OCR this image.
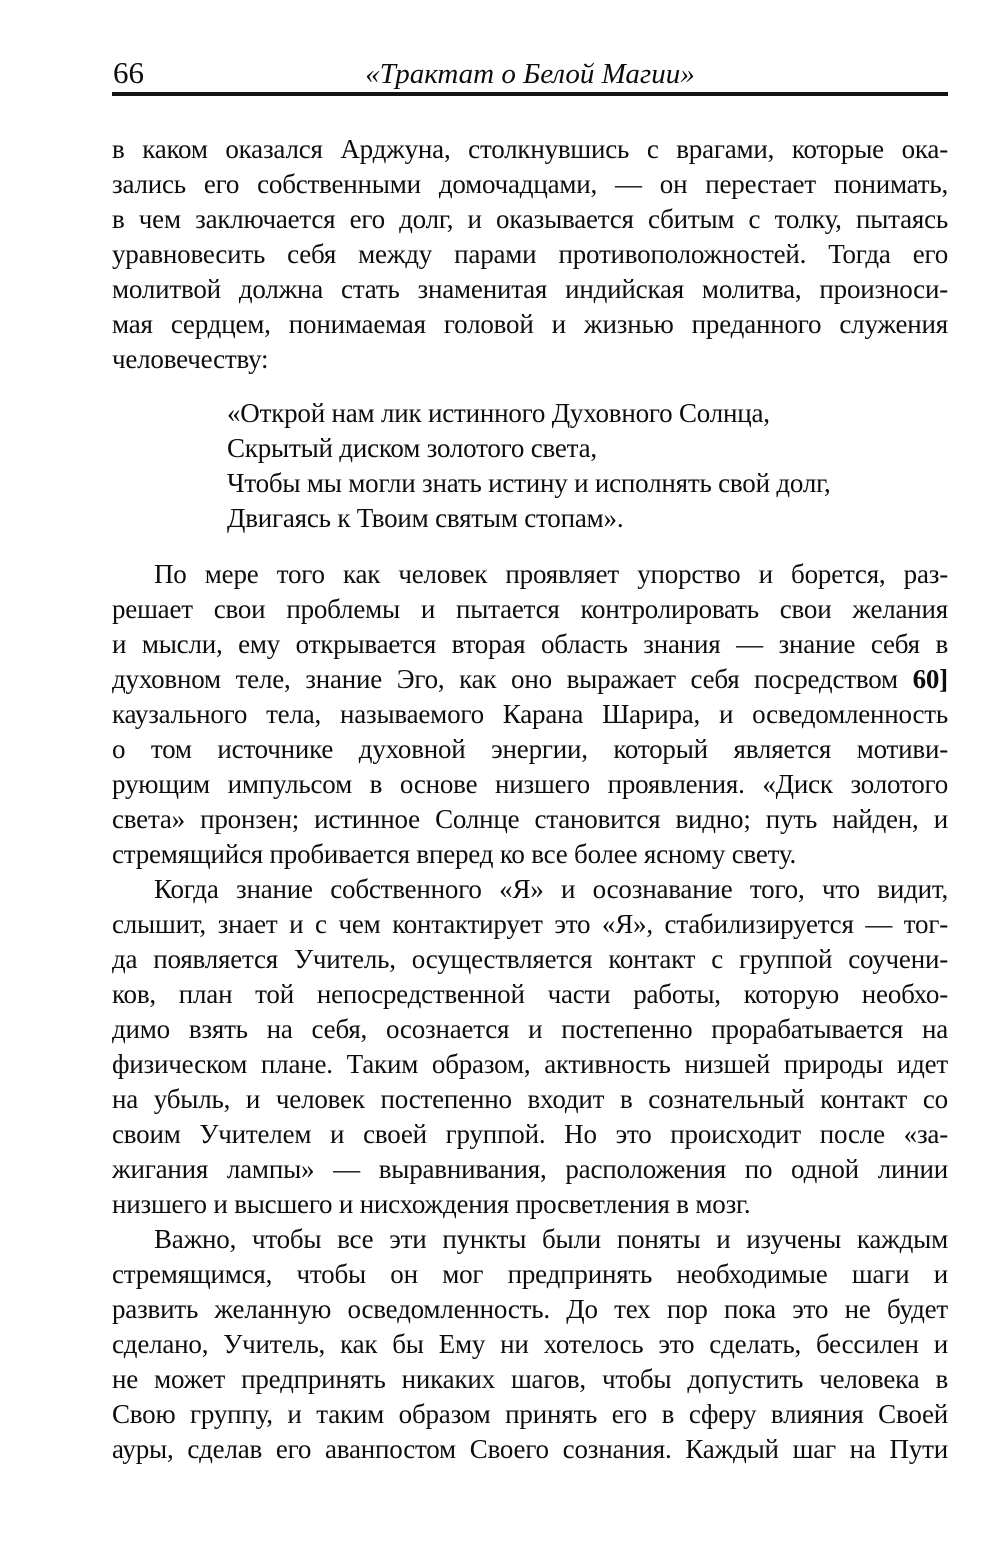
66	«Трактат о Белой Магии»
в каком оказался Арджуна, столкнувшись с врагами, которые ока-
зались его собственными домочадцами, — он перестает понимать,
в чем заключается его долг, и оказывается сбитым с толку, пытаясь
уравновесить себя между парами противоположностей. Тогда его
молитвой должна стать знаменитая индийская молитва, произноси-
мая сердцем, понимаемая головой и жизнью преданного служения
человечеству:
«Открой нам лик истинного Духовного Солнца,
Скрытый диском золотого света,
Чтобы мы могли знать истину и исполнять свой долг,
Двигаясь к Твоим святым стопам».
По мере того как человек проявляет упорство и борется, раз-
решает свои проблемы и пытается контролировать свои желания
и мысли, ему открывается вторая область знания — знание себя в
духовном теле, знание Эго, как оно выражает себя посредством 60]
каузального тела, называемого Карана Шарира, и осведомленность
о том источнике духовной энергии, который является мотиви-
рующим импульсом в основе низшего проявления. «Диск золотого
света» пронзен; истинное Солнце становится видно; путь найден, и
стремящийся пробивается вперед ко все более ясному свету.
Когда знание собственного «Я» и осознавание того, что видит,
слышит, знает и с чем контактирует это «Я», стабилизируется — тог-
да появляется Учитель, осуществляется контакт с группой соучени-
ков, план той непосредственной части работы, которую необхо-
димо взять на себя, осознается и постепенно прорабатывается на
физическом плане. Таким образом, активность низшей природы идет
на убыль, и человек постепенно входит в сознательный контакт со
своим Учителем и своей группой. Но это происходит после «за-
жигания лампы» — выравнивания, расположения по одной линии
низшего и высшего и нисхождения просветления в мозг.
Важно, чтобы все эти пункты были поняты и изучены каждым
стремящимся, чтобы он мог предпринять необходимые шаги и
развить желанную осведомленность. До тех пор пока это не будет
сделано, Учитель, как бы Ему ни хотелось это сделать, бессилен и
не может предпринять никаких шагов, чтобы допустить человека в
Свою группу, и таким образом принять его в сферу влияния Своей
ауры, сделав его аванпостом Своего сознания. Каждый шаг на Пути
